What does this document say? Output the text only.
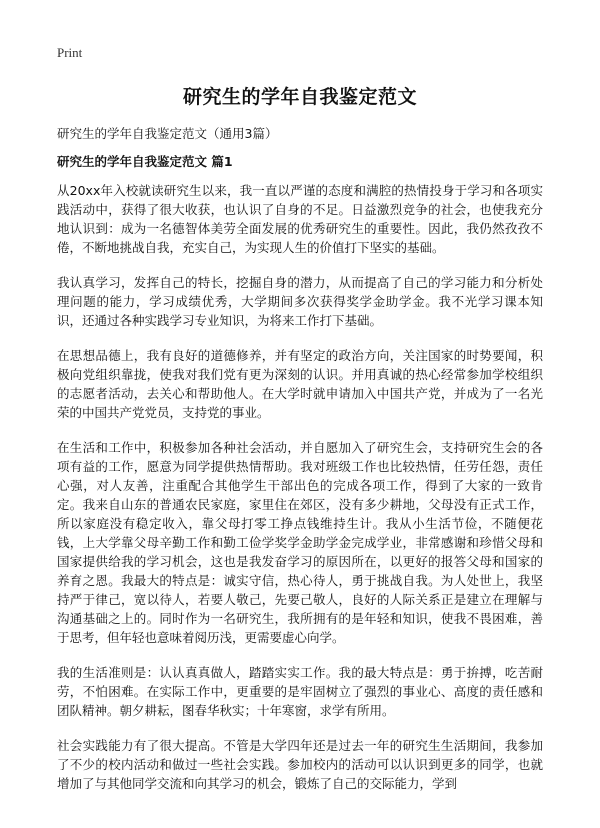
Print
研究生的学年自我鉴定范文
研究生的学年自我鉴定范文（通用3篇）
研究生的学年自我鉴定范文 篇1

从20xx年入校就读研究生以来，我一直以严谨的态度和满腔的热情投身于学习和各项实践活动中，获得了很大收获，也认识了自身的不足。日益激烈竞争的社会，也使我充分地认识到：成为一名德智体美劳全面发展的优秀研究生的重要性。因此，我仍然孜孜不倦，不断地挑战自我，充实自己，为实现人生的价值打下坚实的基础。

我认真学习，发挥自己的特长，挖掘自身的潜力，从而提高了自己的学习能力和分析处理问题的能力，学习成绩优秀，大学期间多次获得奖学金助学金。我不光学习课本知识，还通过各种实践学习专业知识，为将来工作打下基础。

在思想品德上，我有良好的道德修养，并有坚定的政治方向，关注国家的时势要闻，积极向党组织靠拢，使我对我们党有更为深刻的认识。并用真诚的热心经常参加学校组织的志愿者活动，去关心和帮助他人。在大学时就申请加入中国共产党，并成为了一名光荣的中国共产党党员，支持党的事业。

在生活和工作中，积极参加各种社会活动，并自愿加入了研究生会，支持研究生会的各项有益的工作，愿意为同学提供热情帮助。我对班级工作也比较热情，任劳任怨，责任心强，对人友善，注重配合其他学生干部出色的完成各项工作，得到了大家的一致肯定。我来自山东的普通农民家庭，家里住在郊区，没有多少耕地，父母没有正式工作，所以家庭没有稳定收入，靠父母打零工挣点钱维持生计。我从小生活节俭，不随便花钱，上大学靠父母辛勤工作和勤工俭学奖学金助学金完成学业，非常感谢和珍惜父母和国家提供给我的学习机会，这也是我发奋学习的原因所在，以更好的报答父母和国家的养育之恩。我最大的特点是：诚实守信，热心待人，勇于挑战自我。为人处世上，我坚持严于律己，宽以待人，若要人敬己，先要己敬人，良好的人际关系正是建立在理解与沟通基础之上的。同时作为一名研究生，我所拥有的是年轻和知识，使我不畏困难，善于思考，但年轻也意味着阅历浅，更需要虚心向学。

我的生活准则是：认认真真做人，踏踏实实工作。我的最大特点是：勇于拚搏，吃苦耐劳，不怕困难。在实际工作中，更重要的是牢固树立了强烈的事业心、高度的责任感和团队精神。朝夕耕耘，图春华秋实；十年寒窗，求学有所用。

社会实践能力有了很大提高。不管是大学四年还是过去一年的研究生生活期间，我参加了不少的校内活动和做过一些社会实践。参加校内的活动可以认识到更多的同学，也就增加了与其他同学交流和向其学习的机会，锻炼了自己的交际能力，学到
